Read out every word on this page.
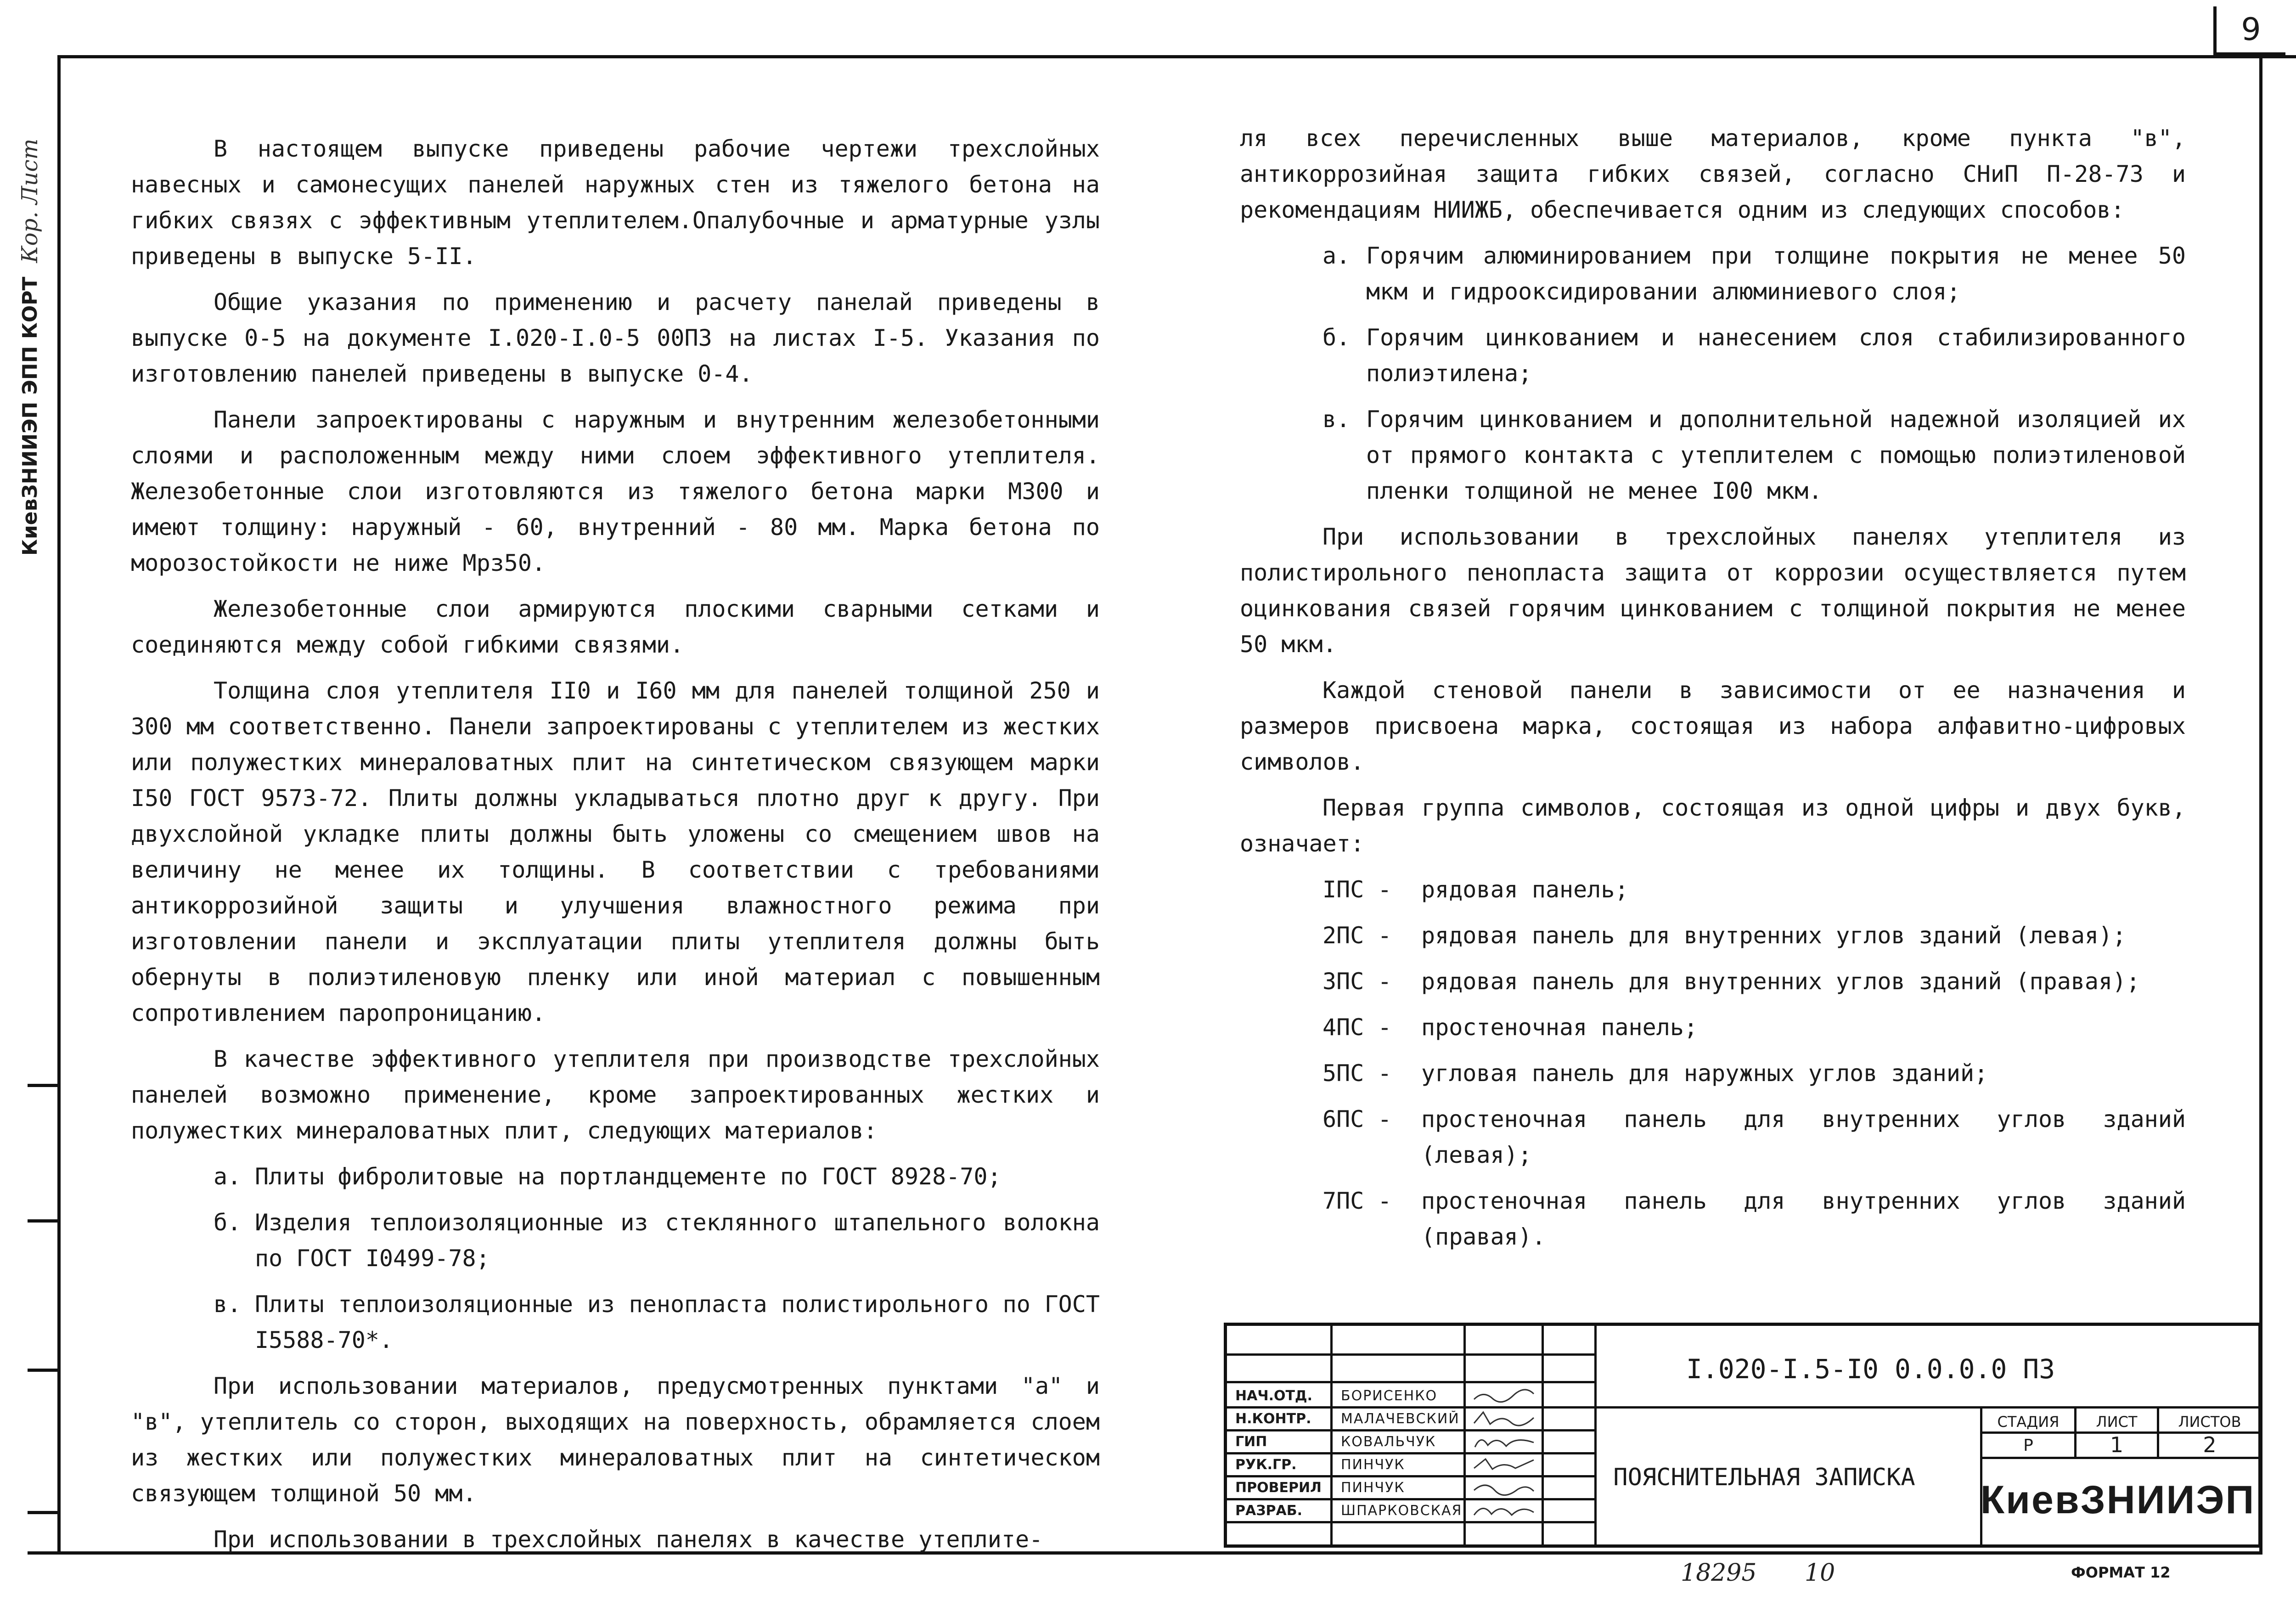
9
КиевЗНИИЭП ЭПП КОРТ
Кор. Лист	В настоящем выпуске приведены рабочие чертежи трехслойных навесных и самонесущих панелей наружных стен из тяжелого бетона на гибких связях с эффективным утеплителем.Опалубочные и арматурные узлы приведены в выпуске 5-II.

Общие указания по применению и расчету панелай приведены в выпуске 0-5 на документе I.020-I.0-5 00ПЗ на листах I-5. Указания по изготовлению панелей приведены в выпуске 0-4.

Панели запроектированы с наружным и внутренним железобетонными слоями и расположенным между ними слоем эффективного утеплителя. Железобетонные слои изготовляются из тяжелого бетона марки М300 и имеют толщину: наружный - 60, внутренний - 80 мм. Марка бетона по морозостойкости не ниже Мрз50.

Железобетонные слои армируются плоскими сварными сетками и соединяются между собой гибкими связями.

Толщина слоя утеплителя II0 и I60 мм для панелей толщиной 250 и 300 мм соответственно. Панели запроектированы с утеплителем из жестких или полужестких минераловатных плит на синтетическом связующем марки I50 ГОСТ 9573-72. Плиты должны укладываться плотно друг к другу. При двухслойной укладке плиты должны быть уложены со смещением швов на величину не менее их толщины. В соответствии с требованиями антикоррозийной защиты и улучшения влажностного режима при изготовлении панели и эксплуатации плиты утеплителя должны быть обернуты в полиэтиленовую пленку или иной материал с повышенным сопротивлением паропроницанию.

В качестве эффективного утеплителя при производстве трехслойных панелей возможно применение, кроме запроектированных жестких и полужестких минераловатных плит, следующих материалов:

а. Плиты фибролитовые на портландцементе по ГОСТ 8928-70;
б. Изделия теплоизоляционные из стеклянного штапельного волокна по ГОСТ I0499-78;
в. Плиты теплоизоляционные из пенопласта полистирольного по ГОСТ I5588-70*.

При использовании материалов, предусмотренных пунктами "а" и "в", утеплитель со сторон, выходящих на поверхность, обрамляется слоем из жестких или полужестких минераловатных плит на синтетическом связующем толщиной 50 мм.

При использовании в трехслойных панелях в качестве утеплите-

ля всех перечисленных выше материалов, кроме пункта "в", антикоррозийная защита гибких связей, согласно СНиП П-28-73 и рекомендациям НИИЖБ, обеспечивается одним из следующих способов:

а. Горячим алюминированием при толщине покрытия не менее 50 мкм и гидрооксидировании алюминиевого слоя;
б. Горячим цинкованием и нанесением слоя стабилизированного полиэтилена;
в. Горячим цинкованием и дополнительной надежной изоляцией их от прямого контакта с утеплителем с помощью полиэтиленовой пленки толщиной не менее I00 мкм.

При использовании в трехслойных панелях утеплителя из полистирольного пенопласта защита от коррозии осуществляется путем оцинкования связей горячим цинкованием с толщиной покрытия не менее 50 мкм.

Каждой стеновой панели в зависимости от ее назначения и размеров присвоена марка, состоящая из набора алфавитно-цифровых символов.

Первая группа символов, состоящая из одной цифры и двух букв, означает:

IПС -	рядовая панель;
2ПС -	рядовая панель для внутренних углов зданий (левая);
3ПС -	рядовая панель для внутренних углов зданий (правая);
4ПС -	простеночная панель;
5ПС -	угловая панель для наружных углов зданий;
6ПС -	простеночная панель для внутренних углов зданий (левая);
7ПС -	простеночная панель для внутренних углов зданий (правая).
НАЧ.ОТД.	БОРИСЕНКО
Н.КОНТР.	МАЛАЧЕВСКИЙ
ГИП	КОВАЛЬЧУК
РУК.ГР.	ПИНЧУК
ПРОВЕРИЛ	ПИНЧУК
РАЗРАБ.	ШПАРКОВСКАЯ
I.020-I.5-I0 0.0.0.0 ПЗ
ПОЯСНИТЕЛЬНАЯ ЗАПИСКА
СТАДИЯ	ЛИСТ	ЛИСТОВ
Р	1	2
КиевЗНИИЭП
18295 10	ФОРМАТ 12
